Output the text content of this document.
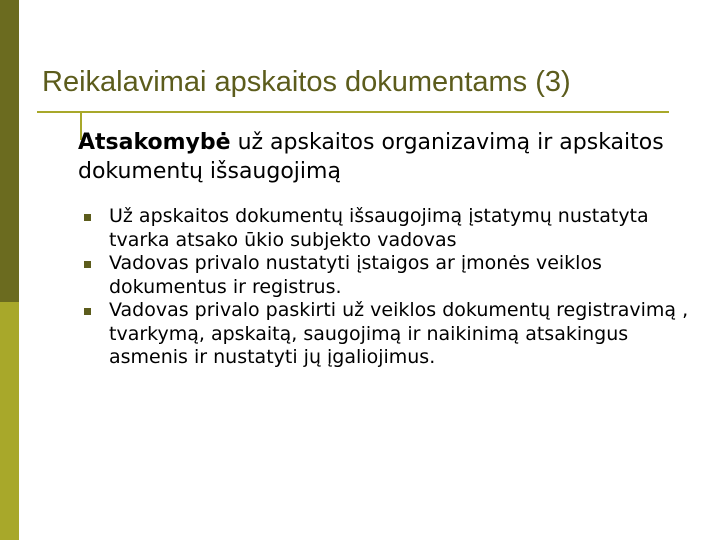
Reikalavimai apskaitos dokumentams (3)
Atsakomybė už apskaitos organizavimą ir apskaitos dokumentų išsaugojimą
Už apskaitos dokumentų išsaugojimą įstatymų nustatyta tvarka atsako ūkio subjekto vadovas
Vadovas privalo nustatyti įstaigos ar įmonės veiklos dokumentus ir registrus.
Vadovas privalo paskirti už veiklos dokumentų registravimą , tvarkymą, apskaitą, saugojimą ir naikinimą atsakingus asmenis ir nustatyti jų įgaliojimus.
